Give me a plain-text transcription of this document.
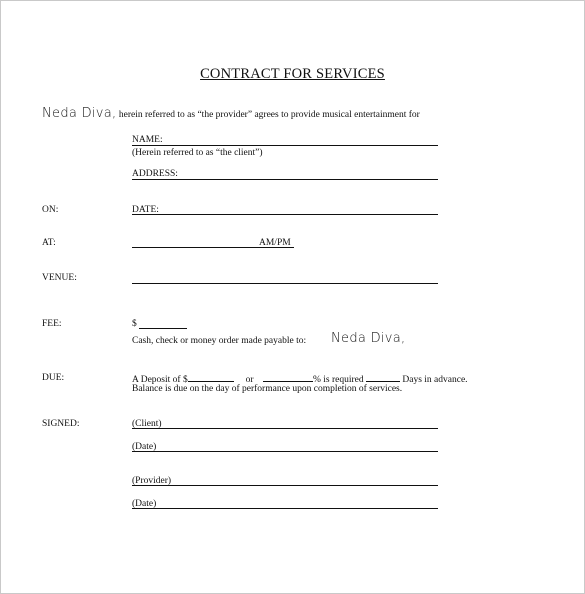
CONTRACT FOR SERVICES
Neda Diva, herein referred to as “the provider” agrees to provide musical entertainment for
NAME:
(Herein referred to as “the client”)
ADDRESS:
ON:	DATE:
AT:	AM/PM
VENUE:
FEE:	$
Cash, check or money order made payable to: Neda Diva,
DUE:	A Deposit of $	or	% is required	Days in advance.
Balance is due on the day of performance upon completion of services.
SIGNED:	(Client)
(Date)
(Provider)
(Date)
